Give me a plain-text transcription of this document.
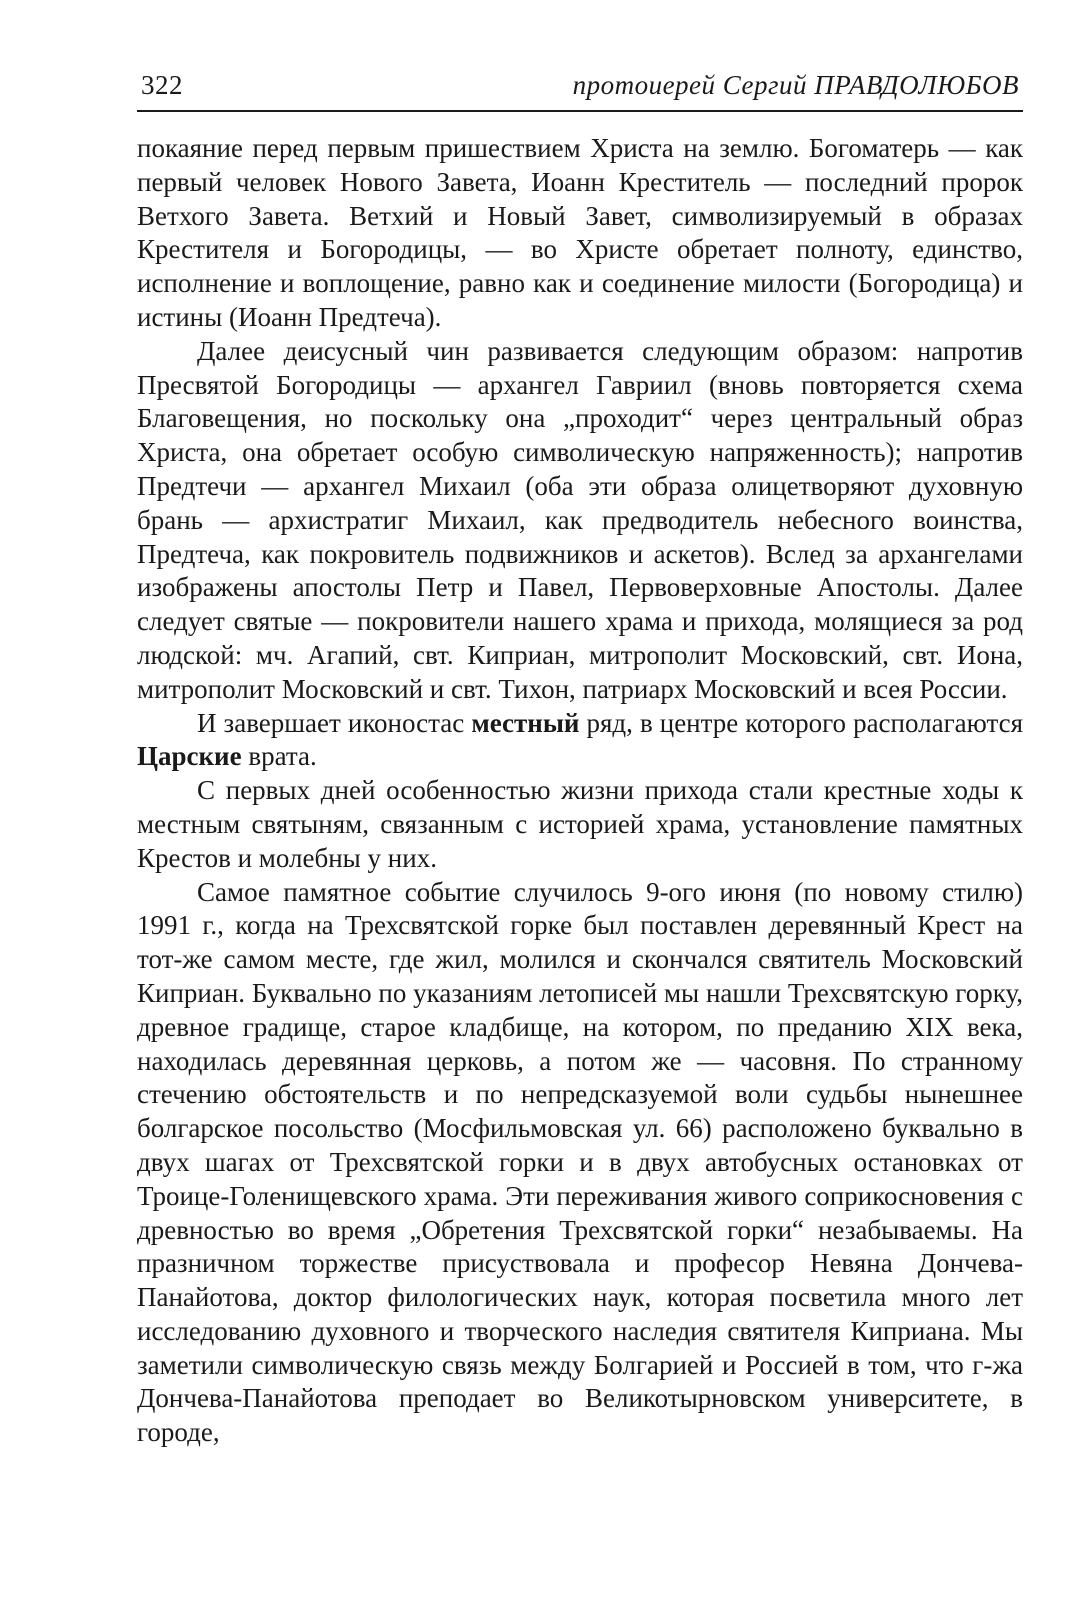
322	протоиерей Сергий ПРАВДОЛЮБОВ

покаяние перед первым пришествием Христа на землю. Богоматерь — как первый человек Нового Завета, Иоанн Креститель — последний пророк Ветхого Завета. Ветхий и Новый Завет, символизируемый в образах Крестителя и Богородицы, — во Христе обретает полноту, единство, исполнение и воплощение, равно как и соединение милости (Богородица) и истины (Иоанн Предтеча).

Далее деисусный чин развивается следующим образом: напротив Пресвятой Богородицы — архангел Гавриил (вновь повторяется схема Благовещения, но поскольку она „проходит“ через центральный образ Христа, она обретает особую символическую напряженность); напротив Предтечи — архангел Михаил (оба эти образа олицетворяют духовную брань — архистратиг Михаил, как предводитель небесного воинства, Предтеча, как покровитель подвижников и аскетов). Вслед за архангелами изображены апостолы Петр и Павел, Первоверховные Апостолы. Далее следует святые — покровители нашего храма и прихода, молящиеся за род людской: мч. Агапий, свт. Киприан, митрополит Московский, свт. Иона, митрополит Московский и свт. Тихон, патриарх Московский и всея России.

И завершает иконостас местный ряд, в центре которого располагаются Царские врата.

С первых дней особенностью жизни прихода стали крестные ходы к местным святыням, связанным с историей храма, установление памятных Крестов и молебны у них.

Самое памятное событие случилось 9-ого июня (по новому стилю) 1991 г., когда на Трехсвятской горке был поставлен деревянный Крест на тот-же самом месте, где жил, молился и скончался святитель Московский Киприан. Буквально по указаниям летописей мы нашли Трехсвятскую горку, древное градище, старое кладбище, на котором, по преданию XIX века, находилась деревянная церковь, а потом же — часовня. По странному стечению обстоятельств и по непредсказуемой воли судьбы нынешнее болгарское посольство (Мосфильмовская ул. 66) расположено буквально в двух шагах от Трехсвятской горки и в двух автобусных остановках от Троице-Голенищевского храма. Эти переживания живого соприкосновения с древностью во время „Обретения Трехсвятской горки“ незабываемы. На празничном торжестве присуствовала и професор Невяна Дончева-Панайотова, доктор филологических наук, которая посветила много лет исследованию духовного и творческого наследия святителя Киприана. Мы заметили символическую связь между Болгарией и Россией в том, что г-жа Дончева-Панайотова преподает во Великотырновском университете, в городе,
